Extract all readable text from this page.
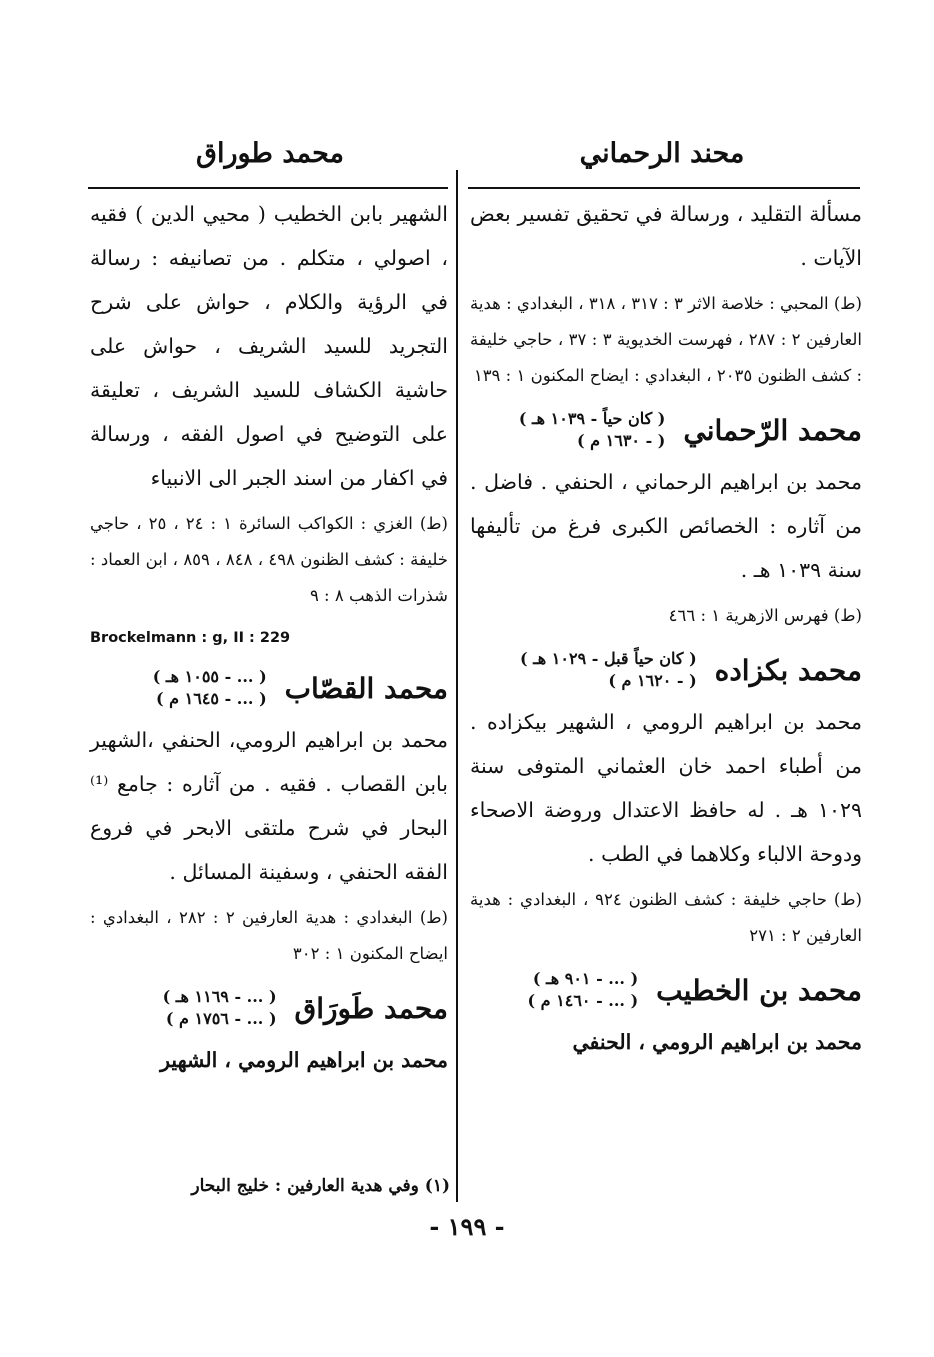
محند الرحماني
محمد طوراق

مسألة التقليد ، ورسالة في تحقيق تفسير بعض الآيات .

(ط) المحبي : خلاصة الاثر ٣ : ٣١٧ ، ٣١٨ ، البغدادي : هدية العارفين ٢ : ٢٨٧ ، فهرست الخديوية ٣ : ٣٧ ، حاجي خليفة : كشف الظنون ٢٠٣٥ ، البغدادي : ايضاح المكنون ١ : ١٣٩

محمد الرّحماني
( كان حياً - ١٠٣٩ هـ )
( - ١٦٣٠ م )

محمد بن ابراهيم الرحماني ، الحنفي . فاضل . من آثاره : الخصائص الكبرى فرغ من تأليفها سنة ١٠٣٩ هـ .

(ط) فهرس الازهرية ١ : ٤٦٦

محمد بكزاده
( كان حياً قبل - ١٠٢٩ هـ )
( - ١٦٢٠ م )

محمد بن ابراهيم الرومي ، الشهير بيكزاده . من أطباء احمد خان العثماني المتوفى سنة ١٠٢٩ هـ . له حافظ الاعتدال وروضة الاصحاء ودوحة الالباء وكلاهما في الطب .

(ط) حاجي خليفة : كشف الظنون ٩٢٤ ، البغدادي : هدية العارفين ٢ : ٢٧١

محمد بن الخطيب
( ... - ٩٠١ هـ )
( ... - ١٤٦٠ م )

محمد بن ابراهيم الرومي ، الحنفي

الشهير بابن الخطيب ( محيي الدين ) فقيه ، اصولي ، متكلم . من تصانيفه : رسالة في الرؤية والكلام ، حواش على شرح التجريد للسيد الشريف ، حواش على حاشية الكشاف للسيد الشريف ، تعليقة على التوضيح في اصول الفقه ، ورسالة في اكفار من اسند الجبر الى الانبياء

(ط) الغزي : الكواكب السائرة ١ : ٢٤ ، ٢٥ ، حاجي خليفة : كشف الظنون ٤٩٨ ، ٨٤٨ ، ٨٥٩ ، ابن العماد : شذرات الذهب ٨ : ٩

Brockelmann : g, II : 229

محمد القصّاب
( ... - ١٠٥٥ هـ )
( ... - ١٦٤٥ م )

محمد بن ابراهيم الرومي، الحنفي ،الشهير بابن القصاب . فقيه . من آثاره : جامع ⁽¹⁾ البحار في شرح ملتقى الابحر في فروع الفقه الحنفي ، وسفينة المسائل .

(ط) البغدادي : هدية العارفين ٢ : ٢٨٢ ، البغدادي : ايضاح المكنون ١ : ٣٠٢

محمد طَورَاق
( ... - ١١٦٩ هـ )
( ... - ١٧٥٦ م )

محمد بن ابراهيم الرومي ، الشهير

(١) وفي هدية العارفين : خليج البحار
- ١٩٩ -
